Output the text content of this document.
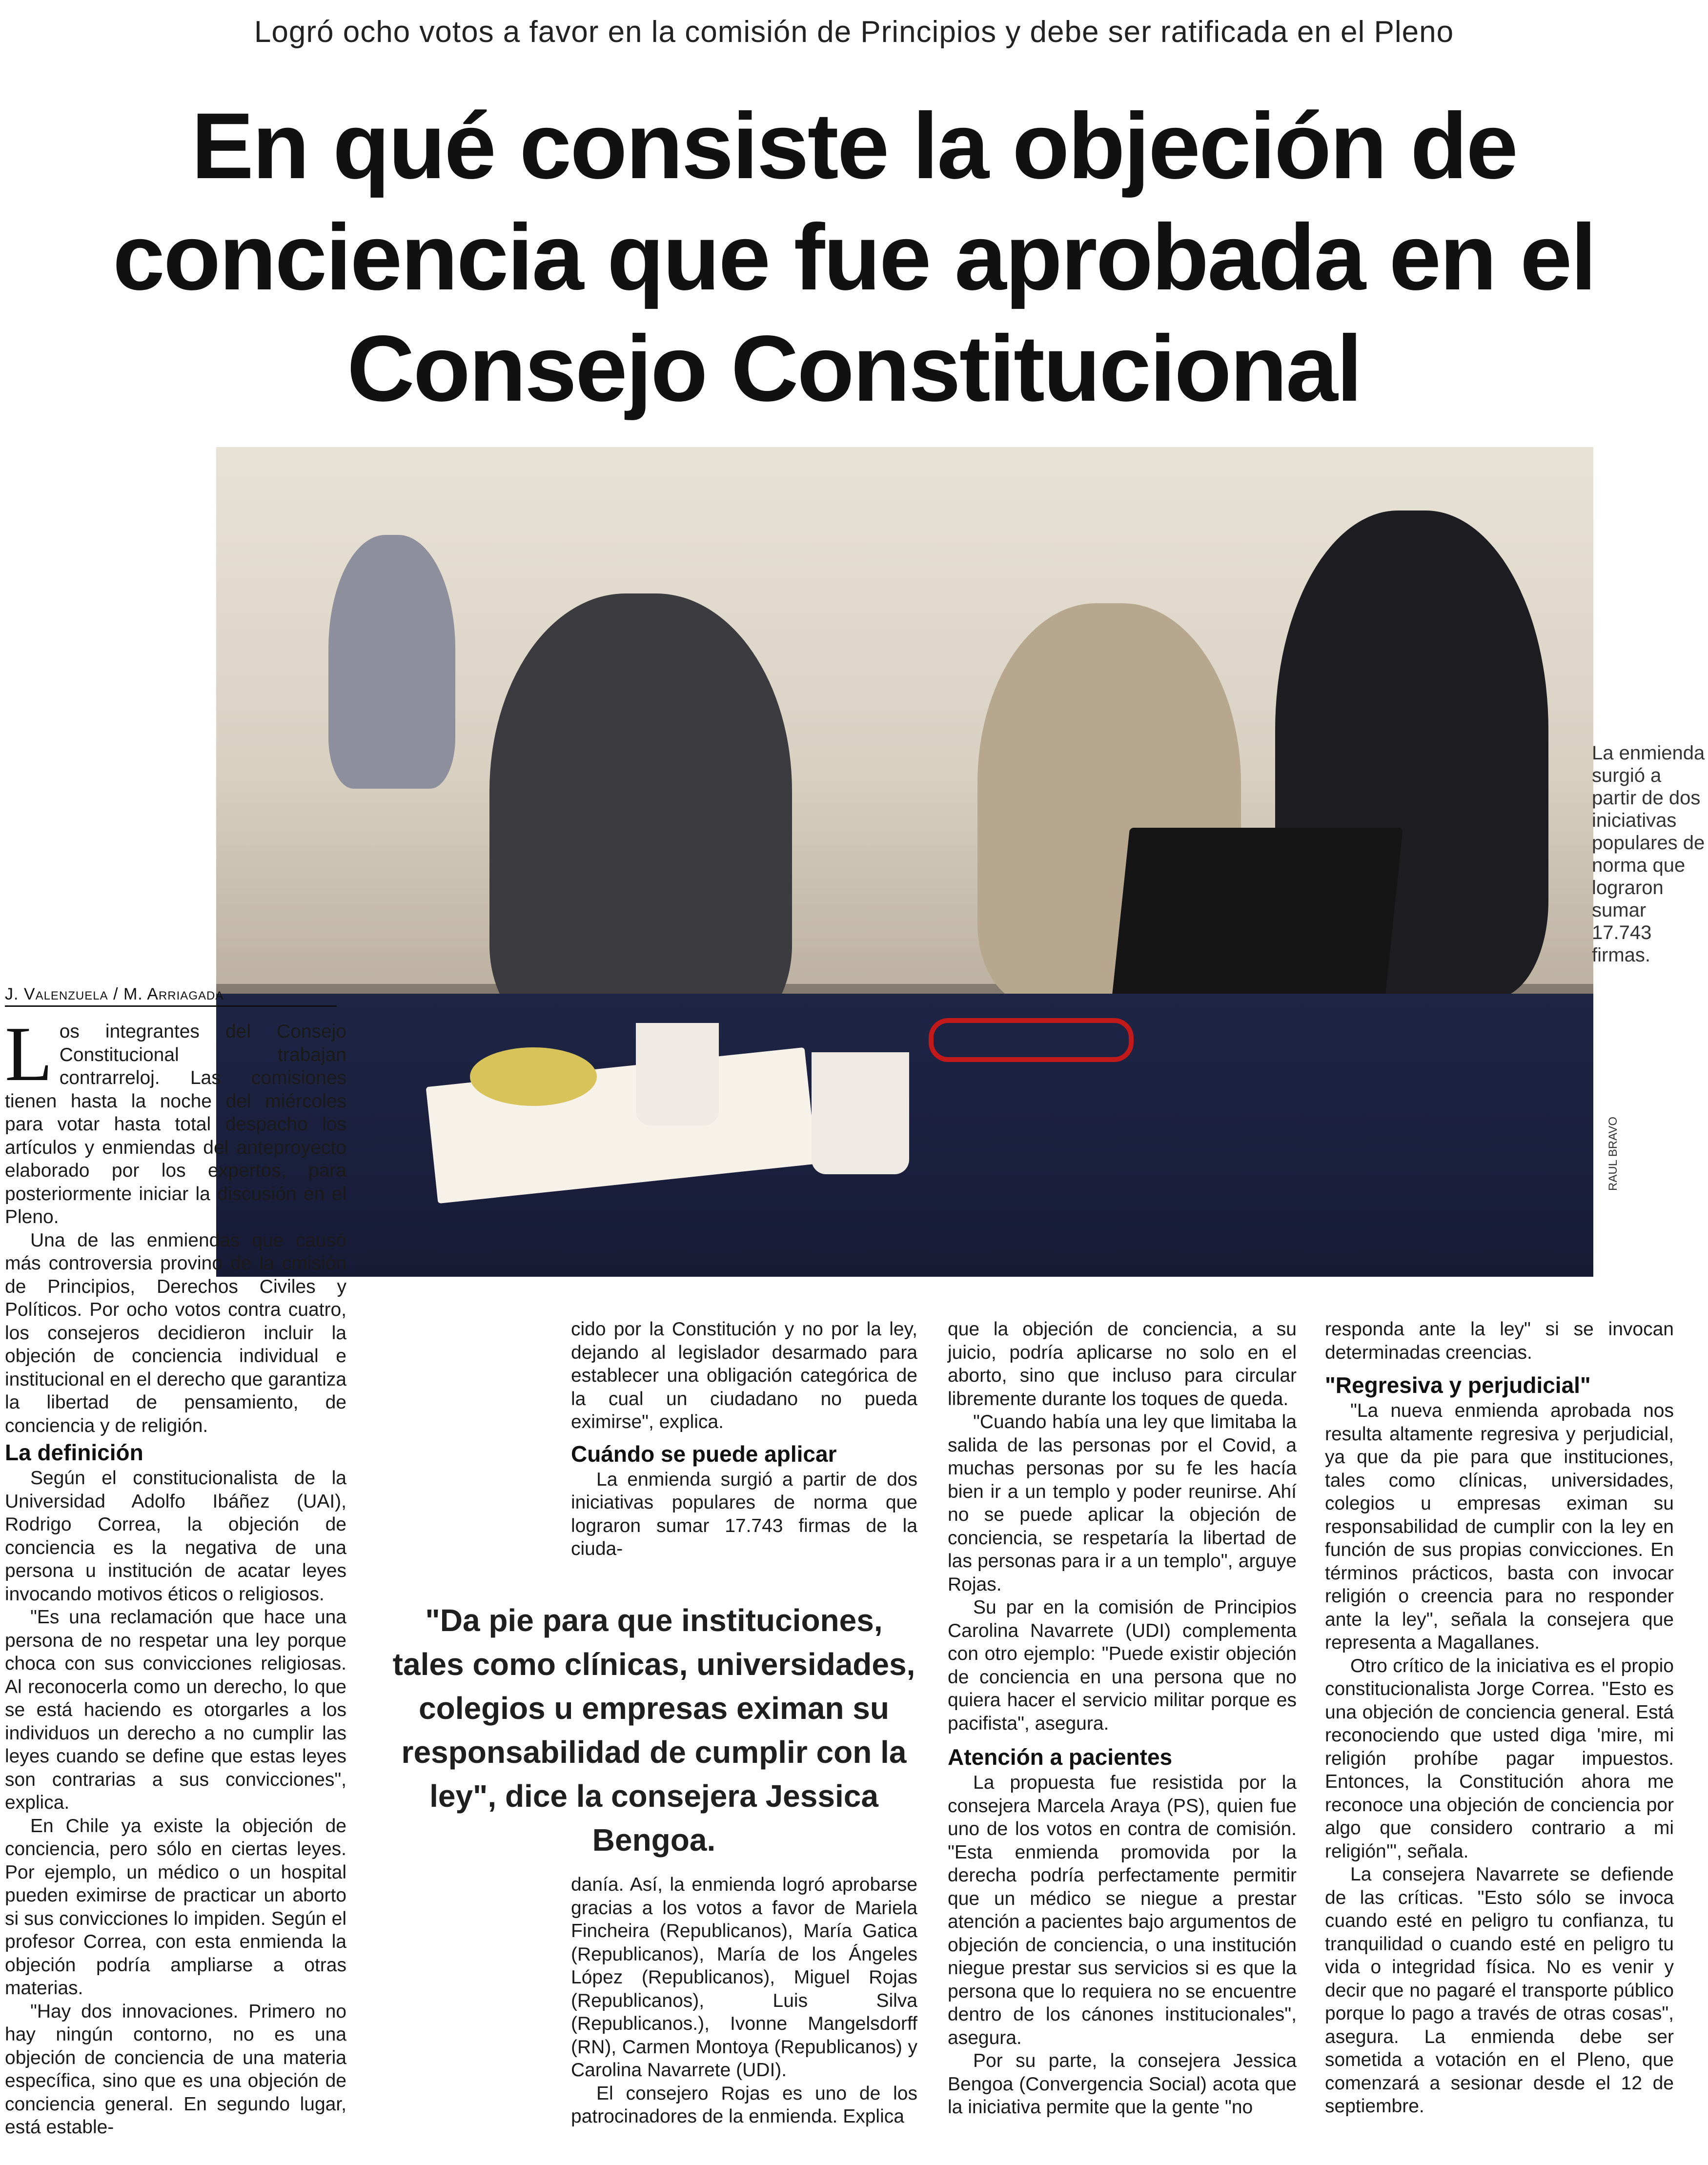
Logró ocho votos a favor en la comisión de Principios y debe ser ratificada en el Pleno
En qué consiste la objeción de conciencia que fue aprobada en el Consejo Constitucional
RAUL BRAVO
La enmienda surgió a partir de dos iniciativas populares de norma que lograron sumar 17.743 firmas.
J. Valenzuela / M. Arriagada

Los integrantes del Consejo Constitucional trabajan contrarreloj. Las comisiones tienen hasta la noche del miércoles para votar hasta total despacho los artículos y enmiendas del anteproyecto elaborado por los expertos, para posteriormente iniciar la discusión en el Pleno.

Una de las enmiendas que causó más controversia provino de la cmisión de Principios, Derechos Civiles y Políticos. Por ocho votos contra cuatro, los consejeros decidieron incluir la objeción de conciencia individual e institucional en el derecho que garantiza la libertad de pensamiento, de conciencia y de religión.

La definición

Según el constitucionalista de la Universidad Adolfo Ibáñez (UAI), Rodrigo Correa, la objeción de conciencia es la negativa de una persona u institución de acatar leyes invocando motivos éticos o religiosos.

"Es una reclamación que hace una persona de no respetar una ley porque choca con sus convicciones religiosas. Al reconocerla como un derecho, lo que se está haciendo es otorgarles a los individuos un derecho a no cumplir las leyes cuando se define que estas leyes son contrarias a sus convicciones", explica.

En Chile ya existe la objeción de conciencia, pero sólo en ciertas leyes. Por ejemplo, un médico o un hospital pueden eximirse de practicar un aborto si sus convicciones lo impiden. Según el profesor Correa, con esta enmienda la objeción podría ampliarse a otras materias.

"Hay dos innovaciones. Primero no hay ningún contorno, no es una objeción de conciencia de una materia específica, sino que es una objeción de conciencia general. En segundo lugar, está estable-

cido por la Constitución y no por la ley, dejando al legislador desarmado para establecer una obligación categórica de la cual un ciudadano no pueda eximirse", explica.

Cuándo se puede aplicar

La enmienda surgió a partir de dos iniciativas populares de norma que lograron sumar 17.743 firmas de la ciuda-

"Da pie para que instituciones, tales como clínicas, universidades, colegios u empresas eximan su responsabilidad de cumplir con la ley", dice la consejera Jessica Bengoa.

danía. Así, la enmienda logró aprobarse gracias a los votos a favor de Mariela Fincheira (Republicanos), María Gatica (Republicanos), María de los Ángeles López (Republicanos), Miguel Rojas (Republicanos), Luis Silva (Republicanos.), Ivonne Mangelsdorff (RN), Carmen Montoya (Republicanos) y Carolina Navarrete (UDI).

El consejero Rojas es uno de los patrocinadores de la enmienda. Explica

que la objeción de conciencia, a su juicio, podría aplicarse no solo en el aborto, sino que incluso para circular libremente durante los toques de queda.

"Cuando había una ley que limitaba la salida de las personas por el Covid, a muchas personas por su fe les hacía bien ir a un templo y poder reunirse. Ahí no se puede aplicar la objeción de conciencia, se respetaría la libertad de las personas para ir a un templo", arguye Rojas.

Su par en la comisión de Principios Carolina Navarrete (UDI) complementa con otro ejemplo: "Puede existir objeción de conciencia en una persona que no quiera hacer el servicio militar porque es pacifista", asegura.

Atención a pacientes

La propuesta fue resistida por la consejera Marcela Araya (PS), quien fue uno de los votos en contra de comisión. "Esta enmienda promovida por la derecha podría perfectamente permitir que un médico se niegue a prestar atención a pacientes bajo argumentos de objeción de conciencia, o una institución niegue prestar sus servicios si es que la persona que lo requiera no se encuentre dentro de los cánones institucionales", asegura.

Por su parte, la consejera Jessica Bengoa (Convergencia Social) acota que la iniciativa permite que la gente "no

responda ante la ley" si se invocan determinadas creencias.

"Regresiva y perjudicial"

"La nueva enmienda aprobada nos resulta altamente regresiva y perjudicial, ya que da pie para que instituciones, tales como clínicas, universidades, colegios u empresas eximan su responsabilidad de cumplir con la ley en función de sus propias convicciones. En términos prácticos, basta con invocar religión o creencia para no responder ante la ley", señala la consejera que representa a Magallanes.

Otro crítico de la iniciativa es el propio constitucionalista Jorge Correa. "Esto es una objeción de conciencia general. Está reconociendo que usted diga 'mire, mi religión prohíbe pagar impuestos. Entonces, la Constitución ahora me reconoce una objeción de conciencia por algo que considero contrario a mi religión'", señala.

La consejera Navarrete se defiende de las críticas. "Esto sólo se invoca cuando esté en peligro tu confianza, tu tranquilidad o cuando esté en peligro tu vida o integridad física. No es venir y decir que no pagaré el transporte público porque lo pago a través de otras cosas", asegura. La enmienda debe ser sometida a votación en el Pleno, que comenzará a sesionar desde el 12 de septiembre.
